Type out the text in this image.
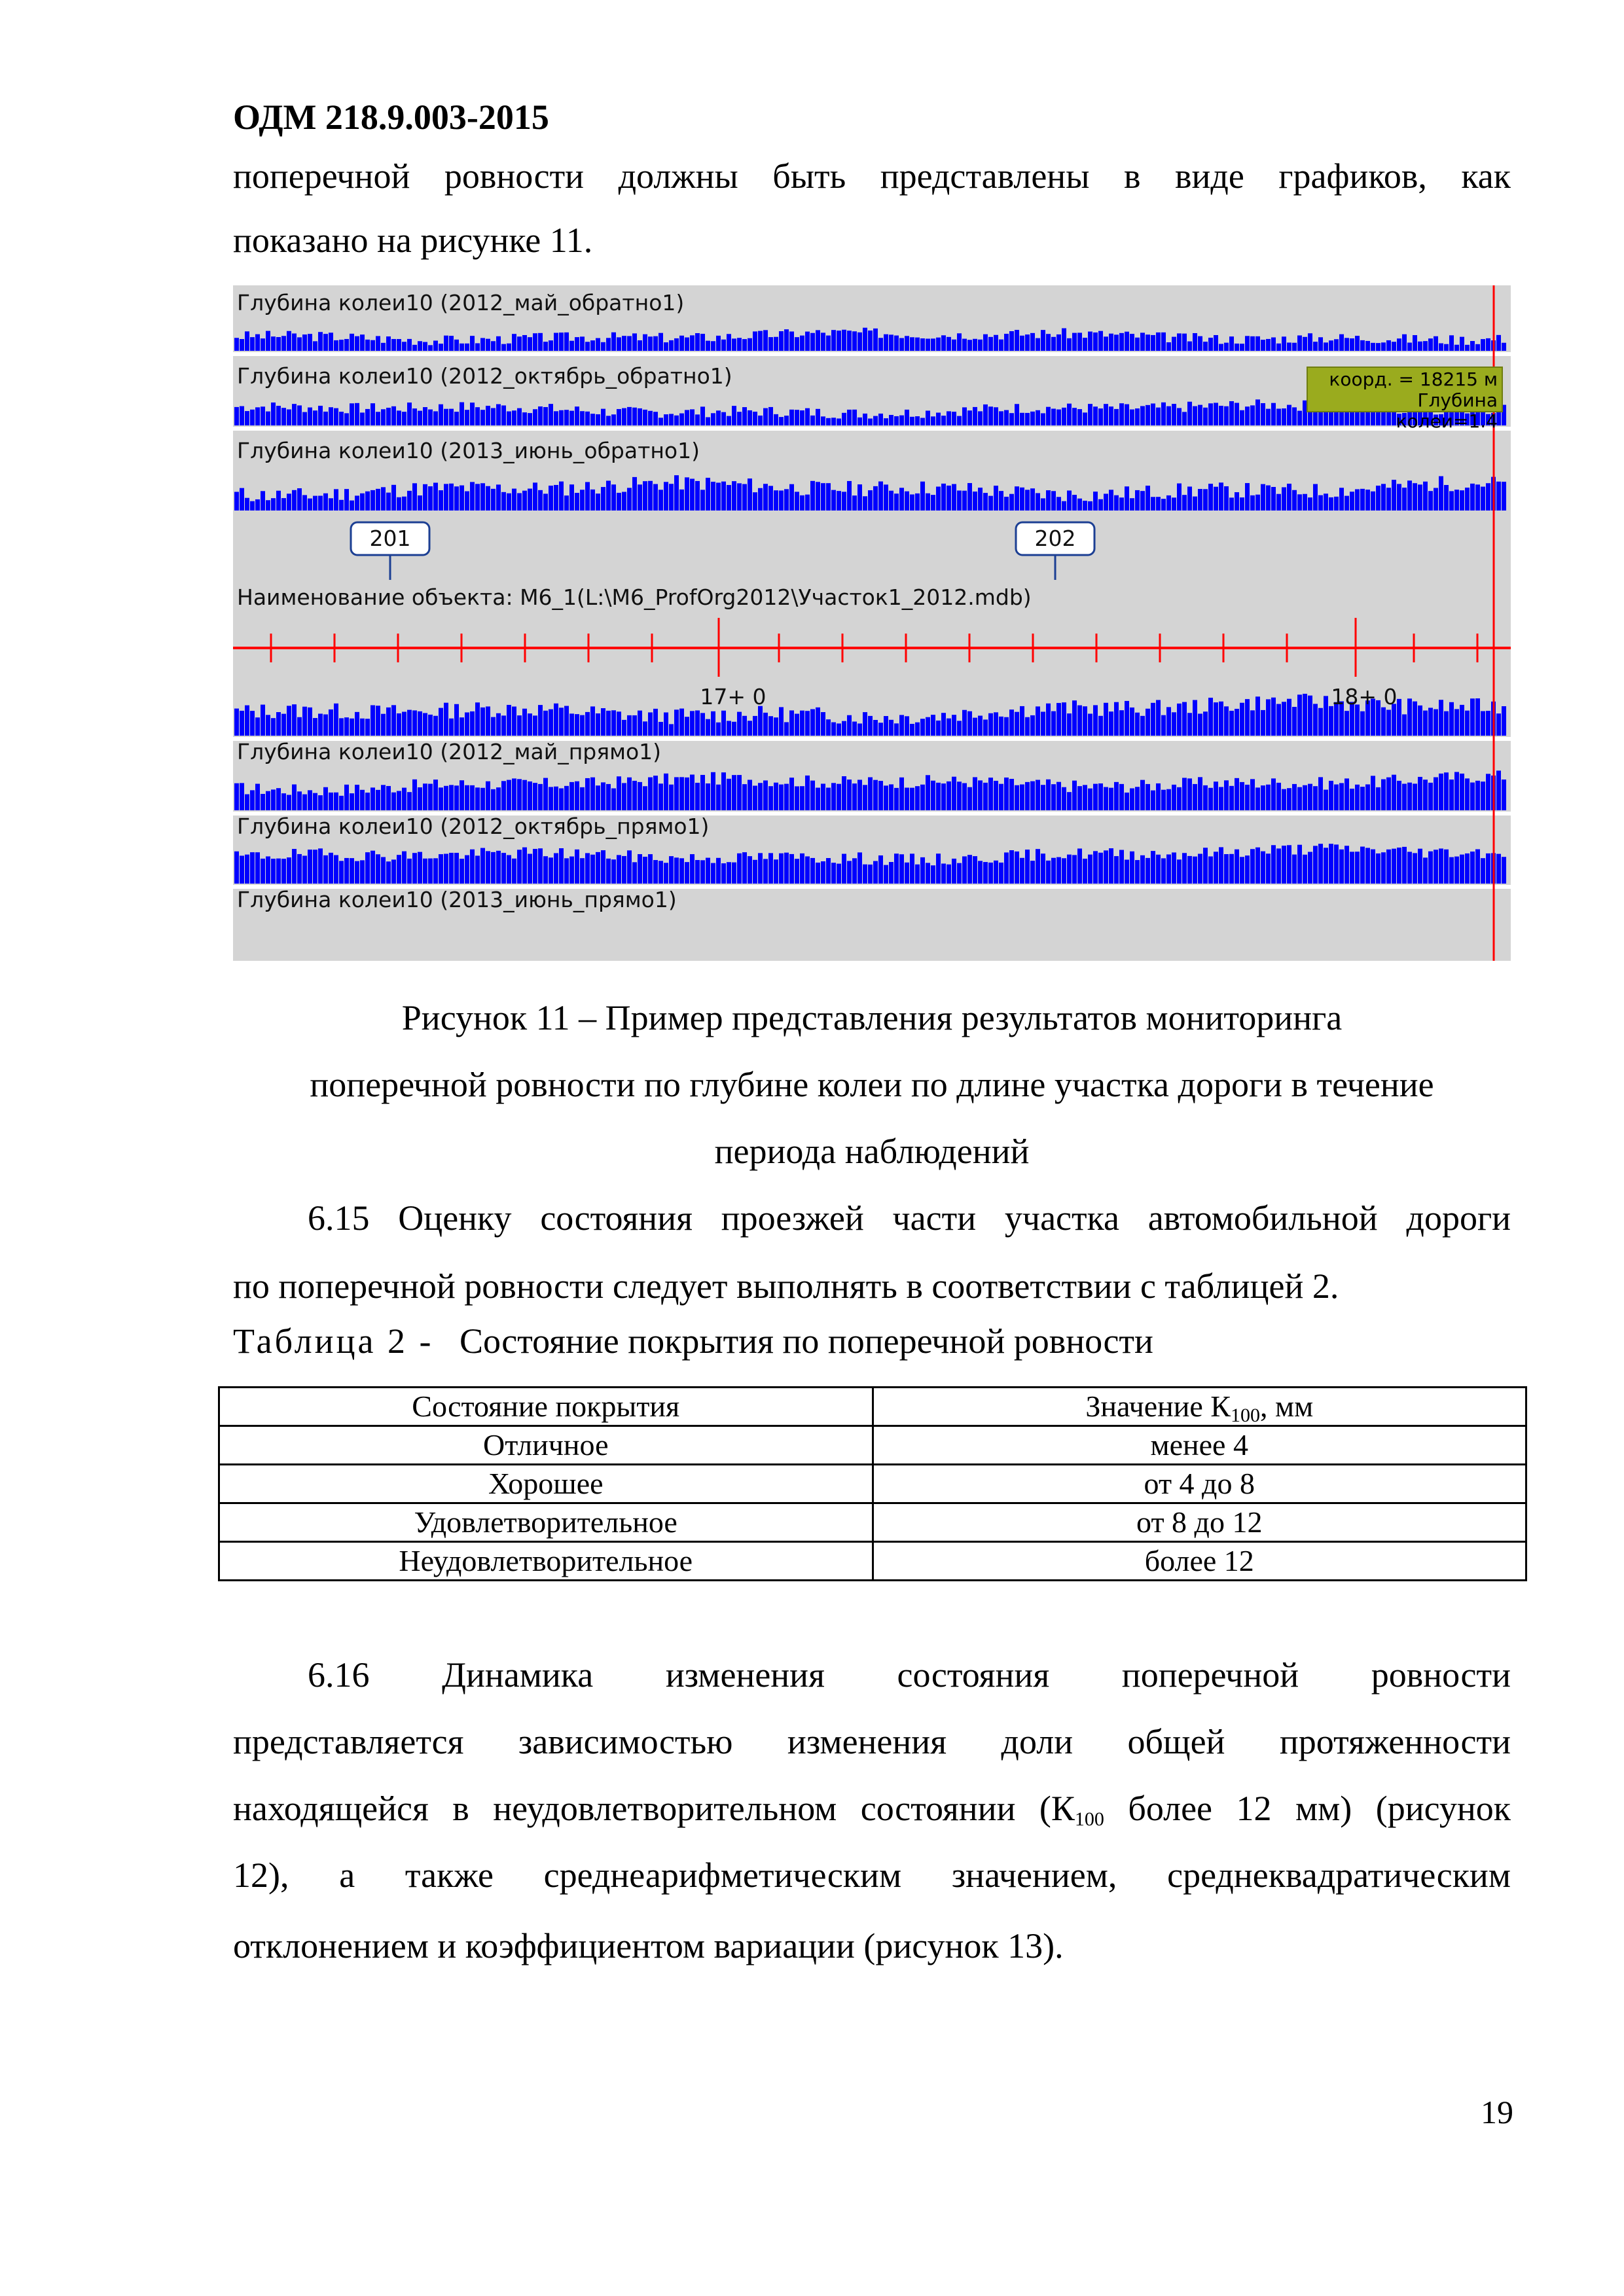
ОДМ 218.9.003-2015
поперечной ровности должны быть представлены в виде графиков, как
показано на рисунке 11.
Глубина колеи10 (2012_май_обратно1)
Глубина колеи10 (2012_октябрь_обратно1)
Глубина колеи10 (2013_июнь_обратно1)
201	202
Наименование объекта: М6_1(L:\M6_ProfOrg2012\Участок1_2012.mdb)
17+ 0	18+ 0
Глубина колеи10 (2012_май_прямо1)
Глубина колеи10 (2012_октябрь_прямо1)
Глубина колеи10 (2013_июнь_прямо1)
коорд. = 18215 м
Глубина колеи=1.4
Рисунок 11 – Пример представления результатов мониторинга
поперечной ровности по глубине колеи по длине участка дороги в течение
периода наблюдений
6.15 Оценку состояния проезжей части участка автомобильной дороги
по поперечной ровности следует выполнять в соответствии с таблицей 2.
Таблица 2 - Состояние покрытия по поперечной ровности
Состояние покрытия	Значение $К_{100}$, мм
Отличное	менее 4
Хорошее	от 4 до 8
Удовлетворительное	от 8 до 12
Неудовлетворительное	более 12
6.16 Динамика изменения состояния поперечной ровности
представляется зависимостью изменения доли общей протяженности
находящейся в неудовлетворительном состоянии ($К_{100}$ более 12 мм) (рисунок
12), а также среднеарифметическим значением, среднеквадратическим
отклонением и коэффициентом вариации (рисунок 13).
19
